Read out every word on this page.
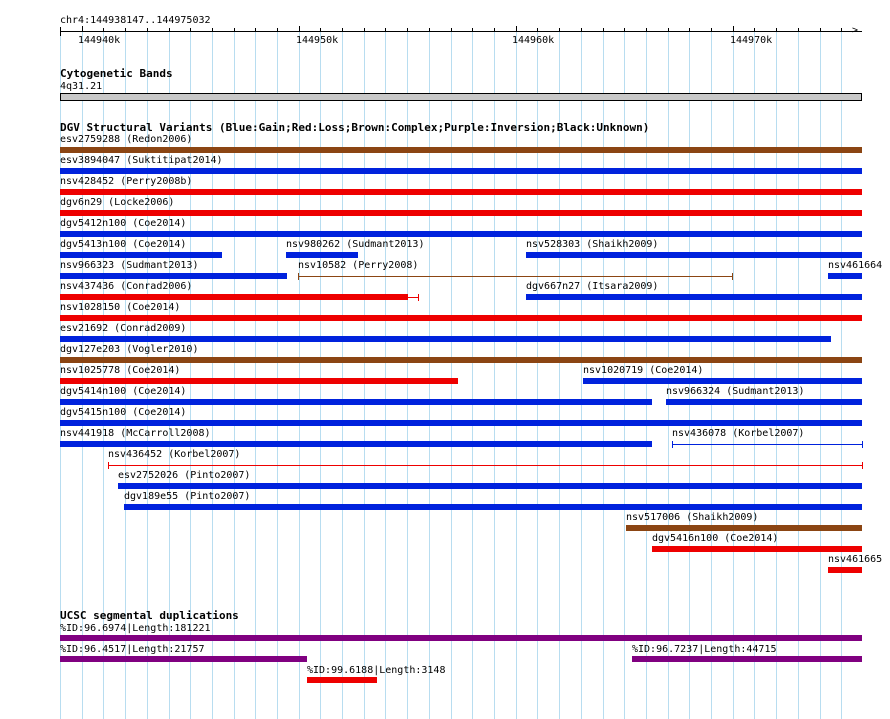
chr4:144938147..144975032
>
144940k	144950k	144960k	144970k
Cytogenetic Bands
4q31.21
DGV Structural Variants (Blue:Gain;Red:Loss;Brown:Complex;Purple:Inversion;Black:Unknown)
esv2759288 (Redon2006)
esv3894047 (Suktitipat2014)
nsv428452 (Perry2008b)
dgv6n29 (Locke2006)
dgv5412n100 (Coe2014)
dgv5413n100 (Coe2014)	nsv980262 (Sudmant2013)	nsv528303 (Shaikh2009)
nsv966323 (Sudmant2013)	nsv10582 (Perry2008)	nsv461664
nsv437436 (Conrad2006)	dgv667n27 (Itsara2009)
nsv1028150 (Coe2014)
esv21692 (Conrad2009)
dgv127e203 (Vogler2010)
nsv1025778 (Coe2014)	nsv1020719 (Coe2014)
dgv5414n100 (Coe2014)	nsv966324 (Sudmant2013)
dgv5415n100 (Coe2014)
nsv441918 (McCarroll2008)	nsv436078 (Korbel2007)
nsv436452 (Korbel2007)
esv2752026 (Pinto2007)
dgv189e55 (Pinto2007)
nsv517006 (Shaikh2009)
dgv5416n100 (Coe2014)
nsv461665
UCSC segmental duplications
%ID:96.6974|Length:181221
%ID:96.4517|Length:21757	%ID:96.7237|Length:44715
%ID:99.6188|Length:3148
